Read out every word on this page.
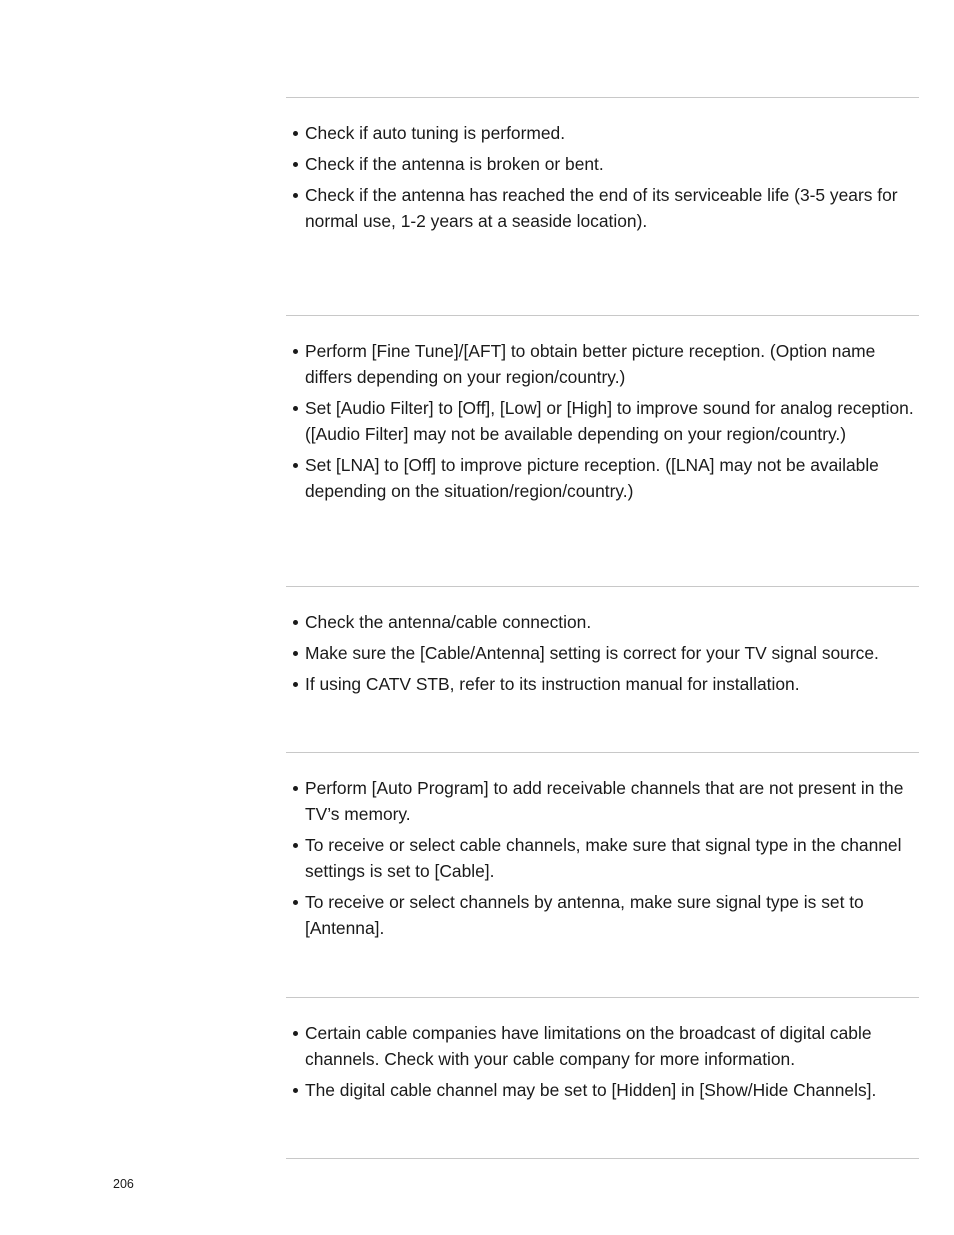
Check if auto tuning is performed.
Check if the antenna is broken or bent.
Check if the antenna has reached the end of its serviceable life (3-5 years for normal use, 1-2 years at a seaside location).
Perform [Fine Tune]/[AFT] to obtain better picture reception. (Option name differs depending on your region/country.)
Set [Audio Filter] to [Off], [Low] or [High] to improve sound for analog reception. ([Audio Filter] may not be available depending on your region/country.)
Set [LNA] to [Off] to improve picture reception. ([LNA] may not be available depending on the situation/region/country.)
Check the antenna/cable connection.
Make sure the [Cable/Antenna] setting is correct for your TV signal source.
If using CATV STB, refer to its instruction manual for installation.
Perform [Auto Program] to add receivable channels that are not present in the TV’s memory.
To receive or select cable channels, make sure that signal type in the channel settings is set to [Cable].
To receive or select channels by antenna, make sure signal type is set to [Antenna].
Certain cable companies have limitations on the broadcast of digital cable channels. Check with your cable company for more information.
The digital cable channel may be set to [Hidden] in [Show/Hide Channels].
206
